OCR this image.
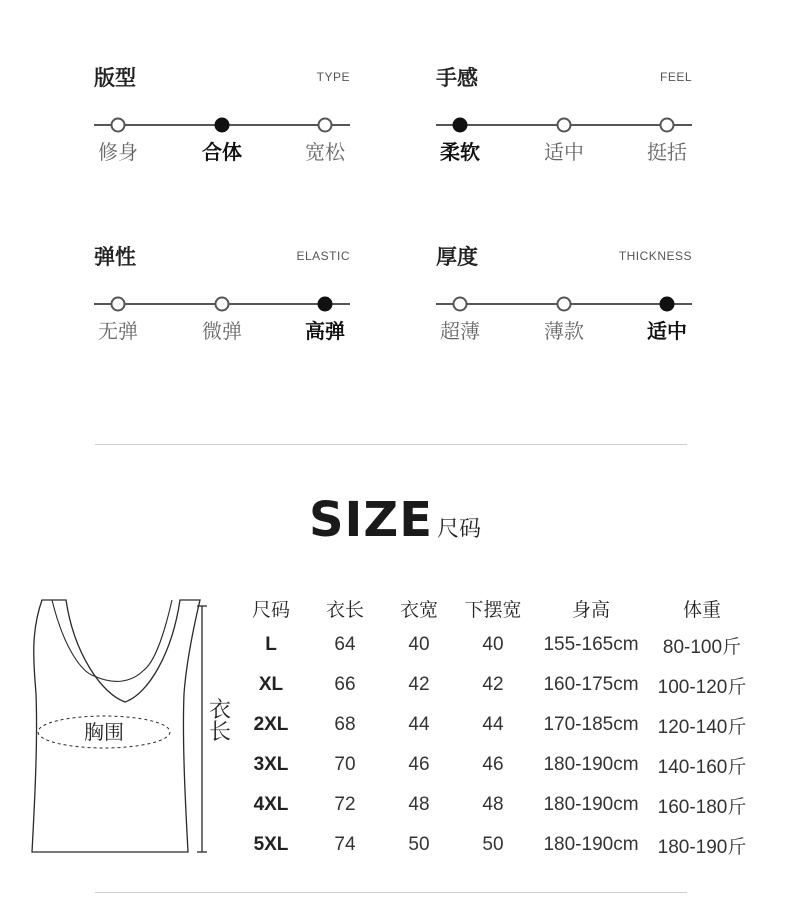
版型	TYPE
修身	合体	宽松
手感	FEEL
柔软	适中	挺括
弹性	ELASTIC
无弹	微弹	高弹
厚度	THICKNESS
超薄	薄款	适中
SIZE 尺码
胸围
衣长
尺码	衣长	衣宽	下摆宽	身高	体重
L	64	40	40	155-165cm	80-100斤
XL	66	42	42	160-175cm	100-120斤
2XL	68	44	44	170-185cm	120-140斤
3XL	70	46	46	180-190cm	140-160斤
4XL	72	48	48	180-190cm	160-180斤
5XL	74	50	50	180-190cm	180-190斤
